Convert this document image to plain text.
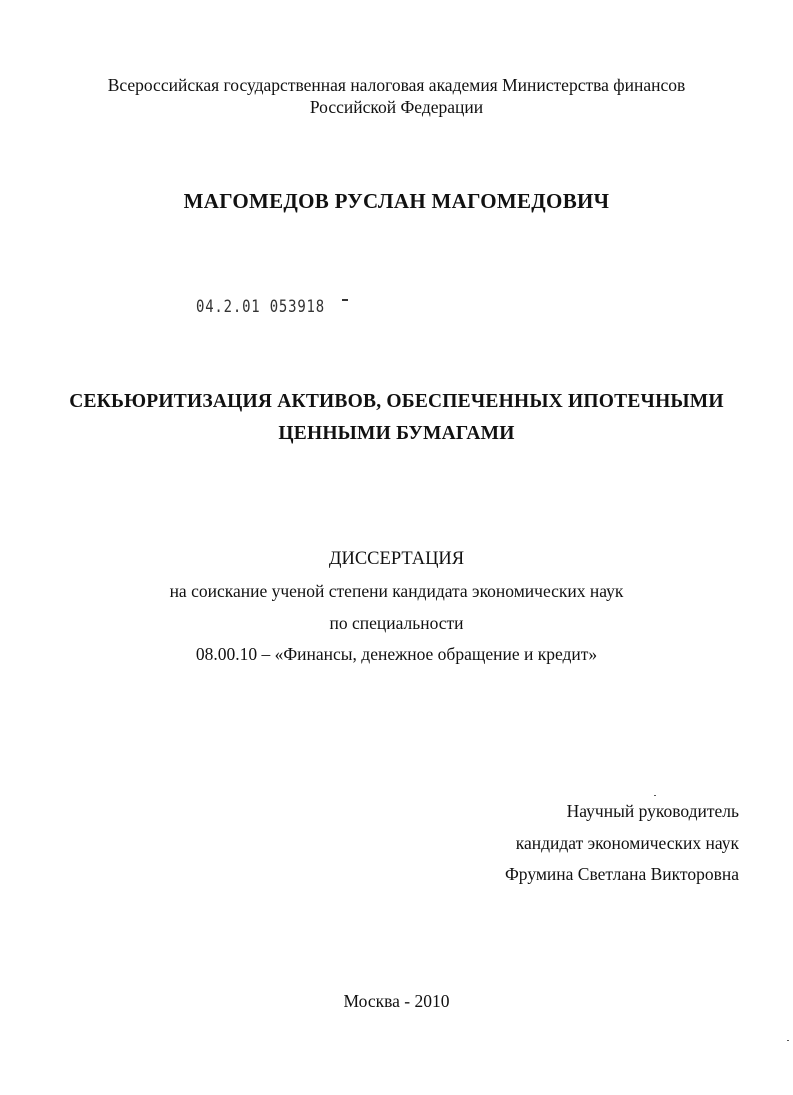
Всероссийская государственная налоговая академия Министерства финансов
Российской Федерации
МАГОМЕДОВ РУСЛАН МАГОМЕДОВИЧ
04.2.01 053918
СЕКЬЮРИТИЗАЦИЯ АКТИВОВ, ОБЕСПЕЧЕННЫХ ИПОТЕЧНЫМИ
ЦЕННЫМИ БУМАГАМИ
ДИССЕРТАЦИЯ
на соискание ученой степени кандидата экономических наук
по специальности
08.00.10 – «Финансы, денежное обращение и кредит»
Научный руководитель
кандидат экономических наук
Фрумина Светлана Викторовна
Москва - 2010
